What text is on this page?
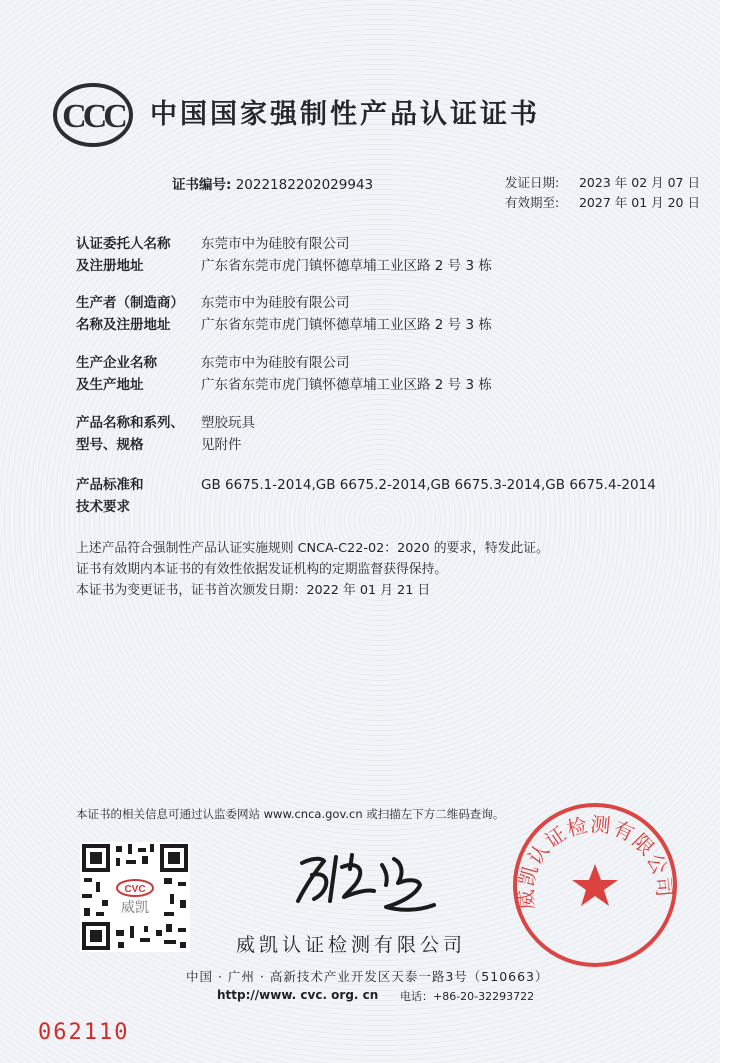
CCC 中国国家强制性产品认证证书
证书编号: 2022182202029943	发证日期: 2023 年 02 月 07 日
有效期至: 2027 年 01 月 20 日
认证委托人名称
及注册地址
东莞市中为硅胶有限公司
广东省东莞市虎门镇怀德草埔工业区路 2 号 3 栋
生产者（制造商）
名称及注册地址
东莞市中为硅胶有限公司
广东省东莞市虎门镇怀德草埔工业区路 2 号 3 栋
生产企业名称
及生产地址
东莞市中为硅胶有限公司
广东省东莞市虎门镇怀德草埔工业区路 2 号 3 栋
产品名称和系列、
型号、规格
塑胶玩具
见附件
产品标准和
技术要求
GB 6675.1-2014,GB 6675.2-2014,GB 6675.3-2014,GB 6675.4-2014

上述产品符合强制性产品认证实施规则 CNCA-C22-02：2020 的要求，特发此证。
证书有效期内本证书的有效性依据发证机构的定期监督获得保持。
本证书为变更证书，证书首次颁发日期：2022 年 01 月 21 日
本证书的相关信息可通过认监委网站 www.cnca.gov.cn 或扫描左下方二维码查询。
CVC
威凯
威凯认证检测有限公司
中国 · 广州 · 高新技术产业开发区天泰一路3号（510663）
http://www. cvc. org. cn 电话：+86-20-32293722
威凯认证检测有限公司
062110
